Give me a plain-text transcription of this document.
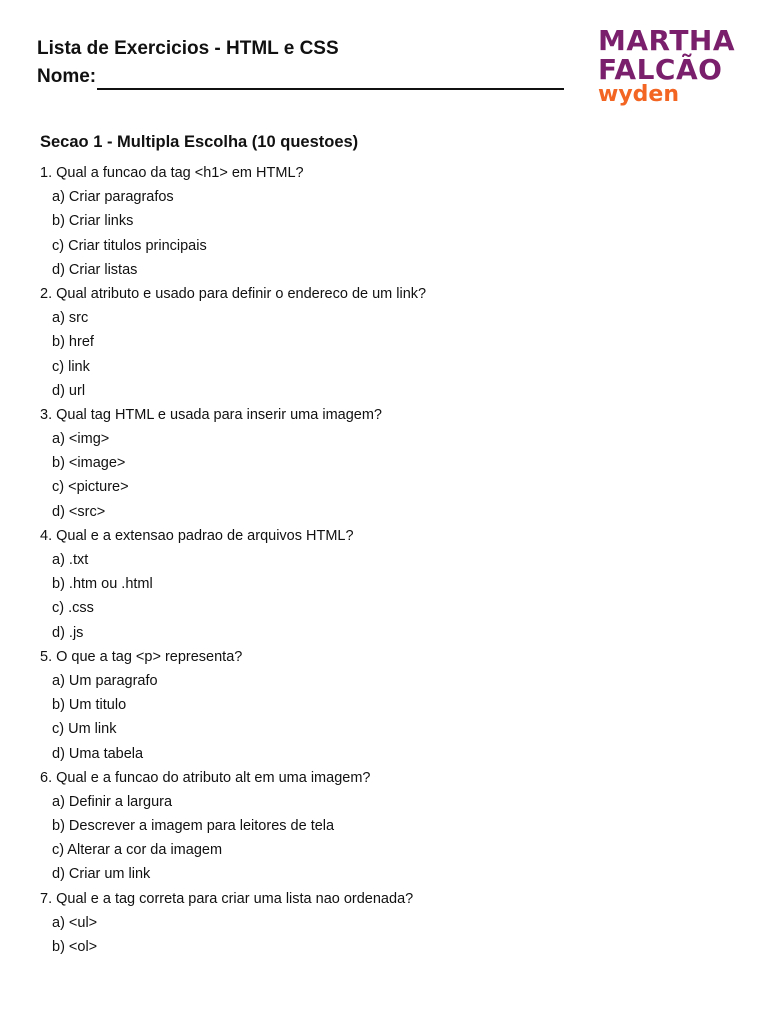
Lista de Exercicios - HTML e CSS
Nome:
MARTHA
FALCÃO
wyden
Secao 1 - Multipla Escolha (10 questoes)
1. Qual a funcao da tag <h1> em HTML?
a) Criar paragrafos
b) Criar links
c) Criar titulos principais
d) Criar listas
2. Qual atributo e usado para definir o endereco de um link?
a) src
b) href
c) link
d) url
3. Qual tag HTML e usada para inserir uma imagem?
a) <img>
b) <image>
c) <picture>
d) <src>
4. Qual e a extensao padrao de arquivos HTML?
a) .txt
b) .htm ou .html
c) .css
d) .js
5. O que a tag <p> representa?
a) Um paragrafo
b) Um titulo
c) Um link
d) Uma tabela
6. Qual e a funcao do atributo alt em uma imagem?
a) Definir a largura
b) Descrever a imagem para leitores de tela
c) Alterar a cor da imagem
d) Criar um link
7. Qual e a tag correta para criar uma lista nao ordenada?
a) <ul>
b) <ol>
